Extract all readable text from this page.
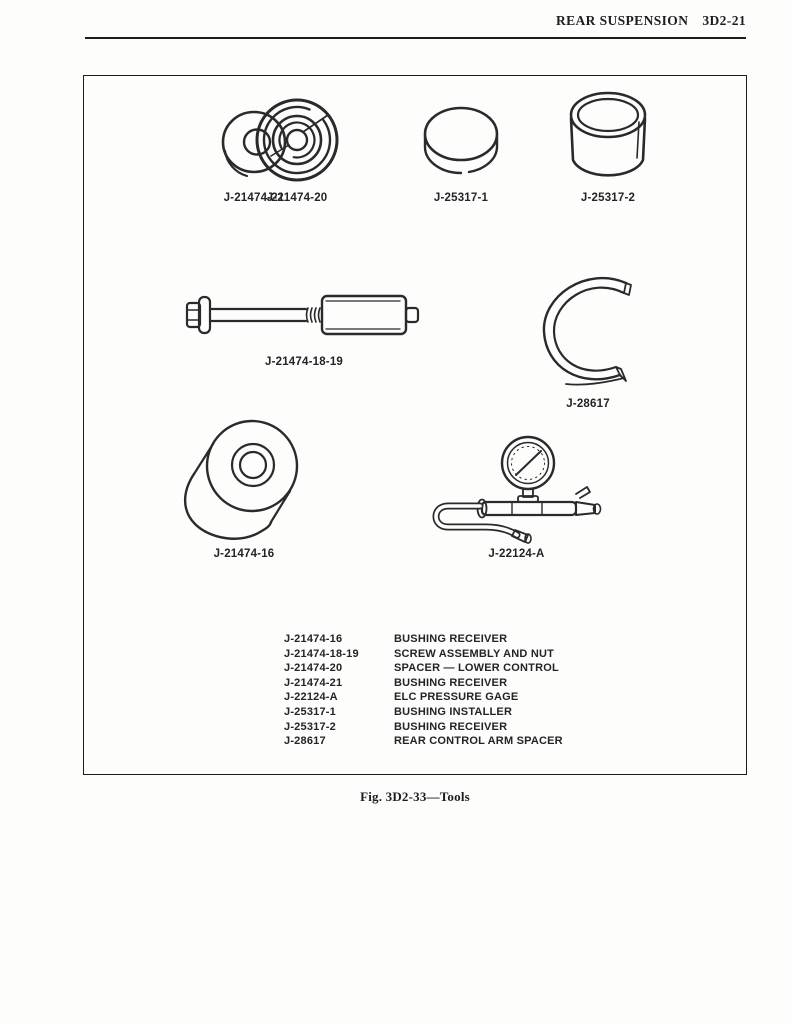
REAR SUSPENSION 3D2-21
J-21474-21
J-21474-20	J-25317-1	J-25317-2
J-21474-18-19
J-28617
J-21474-16	J-22124-A
J-21474-16	BUSHING RECEIVER
J-21474-18-19	SCREW ASSEMBLY AND NUT
J-21474-20	SPACER — LOWER CONTROL
J-21474-21	BUSHING RECEIVER
J-22124-A	ELC PRESSURE GAGE
J-25317-1	BUSHING INSTALLER
J-25317-2	BUSHING RECEIVER
J-28617	REAR CONTROL ARM SPACER
Fig. 3D2-33—Tools
